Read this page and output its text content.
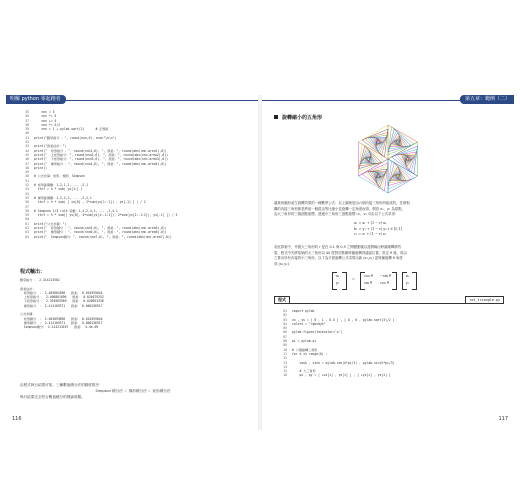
明解 python 零起跑者
35    nnn = 5
36    nnn *= 5
37    nnn += 5
38    nnn *= 5/2
39    nnn = 1 + pylab.sqrt(2)      # 正規版
40
41 print("數學格分 ：", round(nnn,6), end="\n\n")
42
43 print("誤差估計：")
44 print("  矩形格分 ：", round(nnn1,6), ", 誤差：", round(abs(nnn-area1),6))
45 print("  上矩形格分：", round(nnn2,6), ", 誤差：", round(abs(nnn-area2),6))
46 print("  下矩形格分：", round(nnn3,6), ", 誤差：", round(abs(nnn-area3),6))
47 print("  梯形格分 ：", round(nnn4,6), ", 誤差：", round(abs(nnn-area4),6))
48 print()
49
50 # 公式計算：矩形、梯形、Simpson
51
52 # 矩形區間數：1,2,1,2, ... ,2,1
53  ttnf = h * sum( ys[1:] )
54
55 # 梯形區間數：1,2,2,2, ... ,2,2,1
56  ttnf = h * sum( [ ys[0] , 2*sum(ys[1:-1]) , ys[-1] ] ) / 2
57
58 # Simpson 1/3 rule 係數：1,4,2,4,2, ... ,2,4,1
59  ttnf = h * sum([ ys[0], 4*sum(ys[1:-1:2]), 2*sum(ys[2:-1:2]), ys[-1] ]) / 3
60
61 print("公式求積：")
62 print("  矩形積分 ：", round(nnn5,6), ", 誤差：", round(abs(nnn-area5),6))
63 print("  梯形積分 ：", round(nnn6,6), ", 誤差：", round(abs(nnn-area6),6))
64 print("  Simpson積分：", round(nnn7,6), ", 誤差：", round(abs(nnn-area7),6))
程式輸出：
數學格分 ： 2.414213562
誤差估計：
矩形格分  ： 2.405861896   誤差： 0.010359044
上矩形格分 ： 2.406861896   誤差： 0.024079252
下矩形格分 ： 2.393983969   誤差： 0.020053336
梯形格分  ： 2.414169371   誤差： 0.000136917
公式求積：
矩形積分  ： 2.403093896   誤差： 0.010359044
梯形積分  ： 2.414169371   誤差： 0.000136917
Simpson積分： 2.414213167   誤差： 4.4e-09
由程式執行結果可知，三種數值積分法的精度排序：
Simpson 積分法 ＜ 梯形積分法 ＜ 矩形積分法
執行結果完全符合數值積分的理論預期。
116
第五章：範例（二）
旋轉縮小的五角形
讓幾何圖形產生旋轉效果的一種數學公式：以上圖案是由六個內接三角形所組成的，任兩相
鄰的內接三角形都是將前一個經由等比縮小並旋轉一定角度而得，假設 x₁、y₁ 為原點，
為大三角形的三個頂點座標，透過小三角形三頂點座標 u₁、v₁ 可由以下公式求得：
a₁ = x₁ + (1 − r) x₂
b₁ = y₁ + (1 − r) y₂ r ∈ [0,1]
c₁ = z₁ + (1 − r) z₂
若此算案中，考慮大三角形的 r 是在 0.1 與 0.9 之間變動後以連貫輸出時圖案轉移效
果，程式中先將原始的大三角形以 40 度對於點順時鐘旋轉得適當位置，設定 θ 後，再由
之算出所有內接的小三角形，以下為平面旋轉公式求算出新 (x₁,y₁) 逆時鐘旋轉 θ 角度
到 (x₂,y₂)：
x₂
y₂
=
cos θ −sin θ
sin θ cos θ
x₁
y₁
程式	rot_triangle.py
01 import pylab
02
03 xs , ys = [ 0 , 1 , 0.5 ] , [ 0 , 0 , pylab.sqrt(3)/2 ]
04 colors = "rgbcmyk"
05
06 pylab.figure(facecolor='w')
07
08 pi = pylab.pi
09
10 # 六個旋轉三角形
11 for k in range(6) :
12
13    cosk , sink = pylab.cos(k*pi/3) , pylab.sin(k*pi/3)
14
15    # 大三角形
16    px , py = [ +xs[i] , ys[i] ] , [ +ys[i] , ys[i] ]
117
